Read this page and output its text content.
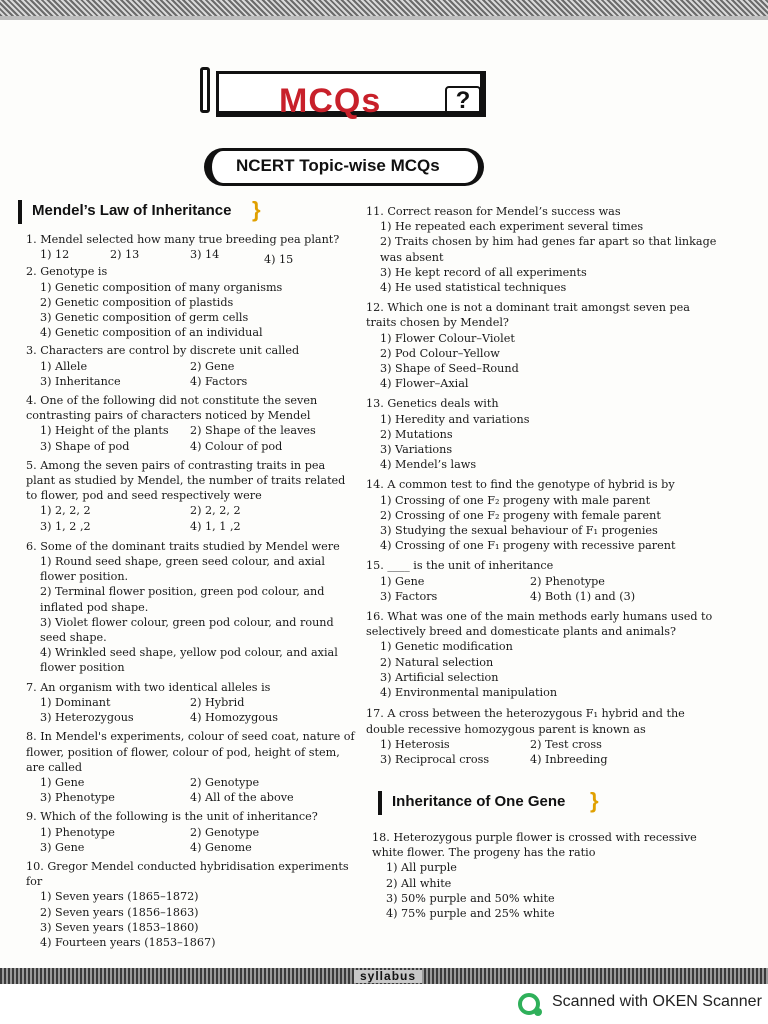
MCQs	?
NCERT Topic-wise MCQs
Mendel’s Law of Inheritance }
1. Mendel selected how many true breeding pea plant?
1) 12	2) 13	3) 14	4) 15
2. Genotype is
1) Genetic composition of many organisms
2) Genetic composition of plastids
3) Genetic composition of germ cells
4) Genetic composition of an individual
3. Characters are control by discrete unit called
1) Allele	2) Gene
3) Inheritance	4) Factors
4. One of the following did not constitute the seven contrasting pairs of characters noticed by Mendel
1) Height of the plants	2) Shape of the leaves
3) Shape of pod	4) Colour of pod
5. Among the seven pairs of contrasting traits in pea plant as studied by Mendel, the number of traits related to flower, pod and seed respectively were
1) 2, 2, 2	2) 2, 2, 2
3) 1, 2 ,2	4) 1, 1 ,2
6. Some of the dominant traits studied by Mendel were
1) Round seed shape, green seed colour, and axial flower position.
2) Terminal flower position, green pod colour, and inflated pod shape.
3) Violet flower colour, green pod colour, and round seed shape.
4) Wrinkled seed shape, yellow pod colour, and axial flower position
7. An organism with two identical alleles is
1) Dominant	2) Hybrid
3) Heterozygous	4) Homozygous
8. In Mendel's experiments, colour of seed coat, nature of flower, position of flower, colour of pod, height of stem, are called
1) Gene	2) Genotype
3) Phenotype	4) All of the above
9. Which of the following is the unit of inheritance?
1) Phenotype	2) Genotype
3) Gene	4) Genome
10. Gregor Mendel conducted hybridisation experiments for
1) Seven years (1865–1872)
2) Seven years (1856–1863)
3) Seven years (1853–1860)
4) Fourteen years (1853–1867)
11. Correct reason for Mendel’s success was
1) He repeated each experiment several times
2) Traits chosen by him had genes far apart so that linkage was absent
3) He kept record of all experiments
4) He used statistical techniques
12. Which one is not a dominant trait amongst seven pea traits chosen by Mendel?
1) Flower Colour–Violet
2) Pod Colour–Yellow
3) Shape of Seed–Round
4) Flower–Axial
13. Genetics deals with
1) Heredity and variations
2) Mutations
3) Variations
4) Mendel’s laws
14. A common test to find the genotype of hybrid is by
1) Crossing of one F₂ progeny with male parent
2) Crossing of one F₂ progeny with female parent
3) Studying the sexual behaviour of F₁ progenies
4) Crossing of one F₁ progeny with recessive parent
15. ____ is the unit of inheritance
1) Gene	2) Phenotype
3) Factors	4) Both (1) and (3)
16. What was one of the main methods early humans used to selectively breed and domesticate plants and animals?
1) Genetic modification
2) Natural selection
3) Artificial selection
4) Environmental manipulation
17. A cross between the heterozygous F₁ hybrid and the double recessive homozygous parent is known as
1) Heterosis	2) Test cross
3) Reciprocal cross	4) Inbreeding
Inheritance of One Gene }
18. Heterozygous purple flower is crossed with recessive white flower. The progeny has the ratio
1) All purple
2) All white
3) 50% purple and 50% white
4) 75% purple and 25% white
syllabus
Scanned with OKEN Scanner
